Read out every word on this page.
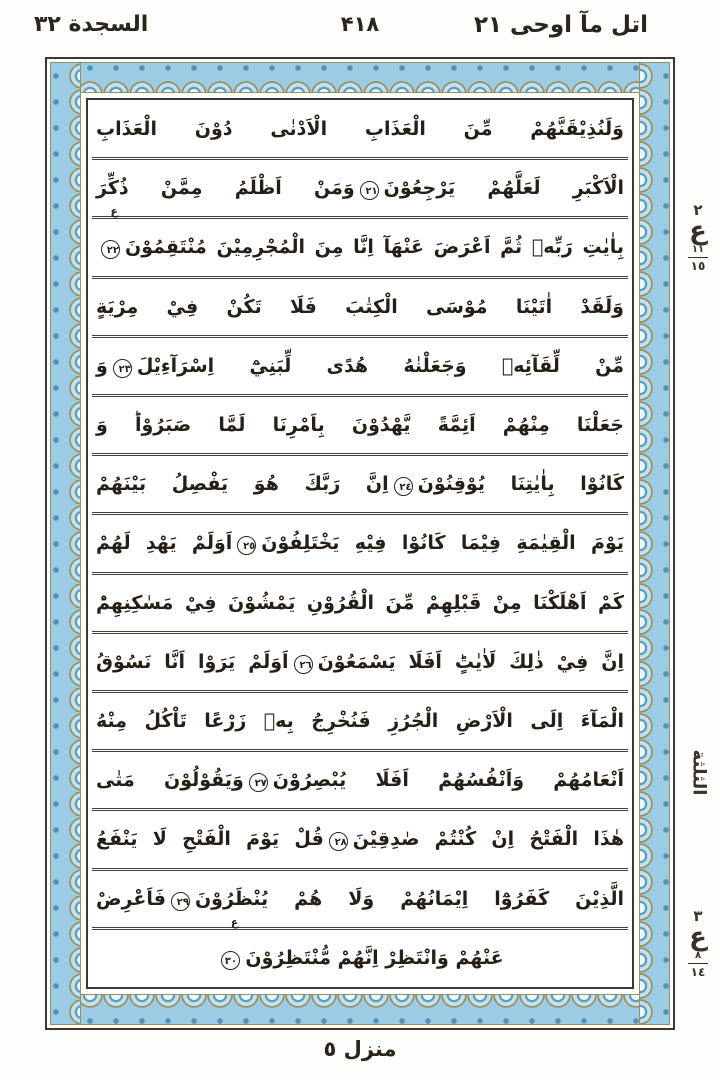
اتل مآ اوحی ٢١
۴۱۸
السجدة ٣٢
وَلَنُذِيْقَنَّهُمْ مِّنَ الْعَذَابِ الْاَدْنٰى دُوْنَ الْعَذَابِ
الْاَكْبَرِ لَعَلَّهُمْ يَرْجِعُوْنَ٢١وَمَنْ اَظْلَمُ مِمَّنْ ذُكِّرَ
بِاٰيٰتِ رَبِّهٖ ثُمَّ اَعْرَضَ عَنْهَآ اِنَّا مِنَ الْمُجْرِمِيْنَ مُنْتَقِمُوْنَ
ع
٢٢
وَلَقَدْ اٰتَيْنَا مُوْسَى الْكِتٰبَ فَلَا تَكُنْ فِيْ مِرْيَةٍ
مِّنْ لِّقَآئِهٖ وَجَعَلْنٰهُ هُدًى لِّبَنِيْٓ اِسْرَآءِيْلَ٢٣وَ
جَعَلْنَا مِنْهُمْ اَئِمَّةً يَّهْدُوْنَ بِاَمْرِنَا لَمَّا صَبَرُوْاؕ وَ
كَانُوْا بِاٰيٰتِنَا يُوْقِنُوْنَ٢٤اِنَّ رَبَّكَ هُوَ يَفْصِلُ بَيْنَهُمْ
يَوْمَ الْقِيٰمَةِ فِيْمَا كَانُوْا فِيْهِ يَخْتَلِفُوْنَ٢٥اَوَلَمْ يَهْدِ لَهُمْ
كَمْ اَهْلَكْنَا مِنْ قَبْلِهِمْ مِّنَ الْقُرُوْنِ يَمْشُوْنَ فِيْ مَسٰكِنِهِمْؕ
اِنَّ فِيْ ذٰلِكَ لَاٰيٰتٍؕ اَفَلَا يَسْمَعُوْنَ٢٦اَوَلَمْ يَرَوْا اَنَّا نَسُوْقُ
الْمَآءَ اِلَى الْاَرْضِ الْجُرُزِ فَنُخْرِجُ بِهٖ زَرْعًا تَاْكُلُ مِنْهُ
اَنْعَامُهُمْ وَاَنْفُسُهُمْؕ اَفَلَا يُبْصِرُوْنَ٢٧وَيَقُوْلُوْنَ مَتٰى
هٰذَا الْفَتْحُ اِنْ كُنْتُمْ صٰدِقِيْنَ٢٨قُلْ يَوْمَ الْفَتْحِ لَا يَنْفَعُ
الَّذِيْنَ كَفَرُوْٓا اِيْمَانُهُمْ وَلَا هُمْ يُنْظَرُوْنَ٢٩فَاَعْرِضْ
عَنْهُمْ وَانْتَظِرْ اِنَّهُمْ مُّنْتَظِرُوْنَ
ع
٣٠
٢
ع
١١
١٥
الثلثة
٣
ع
٨
١٤
منزل ٥
